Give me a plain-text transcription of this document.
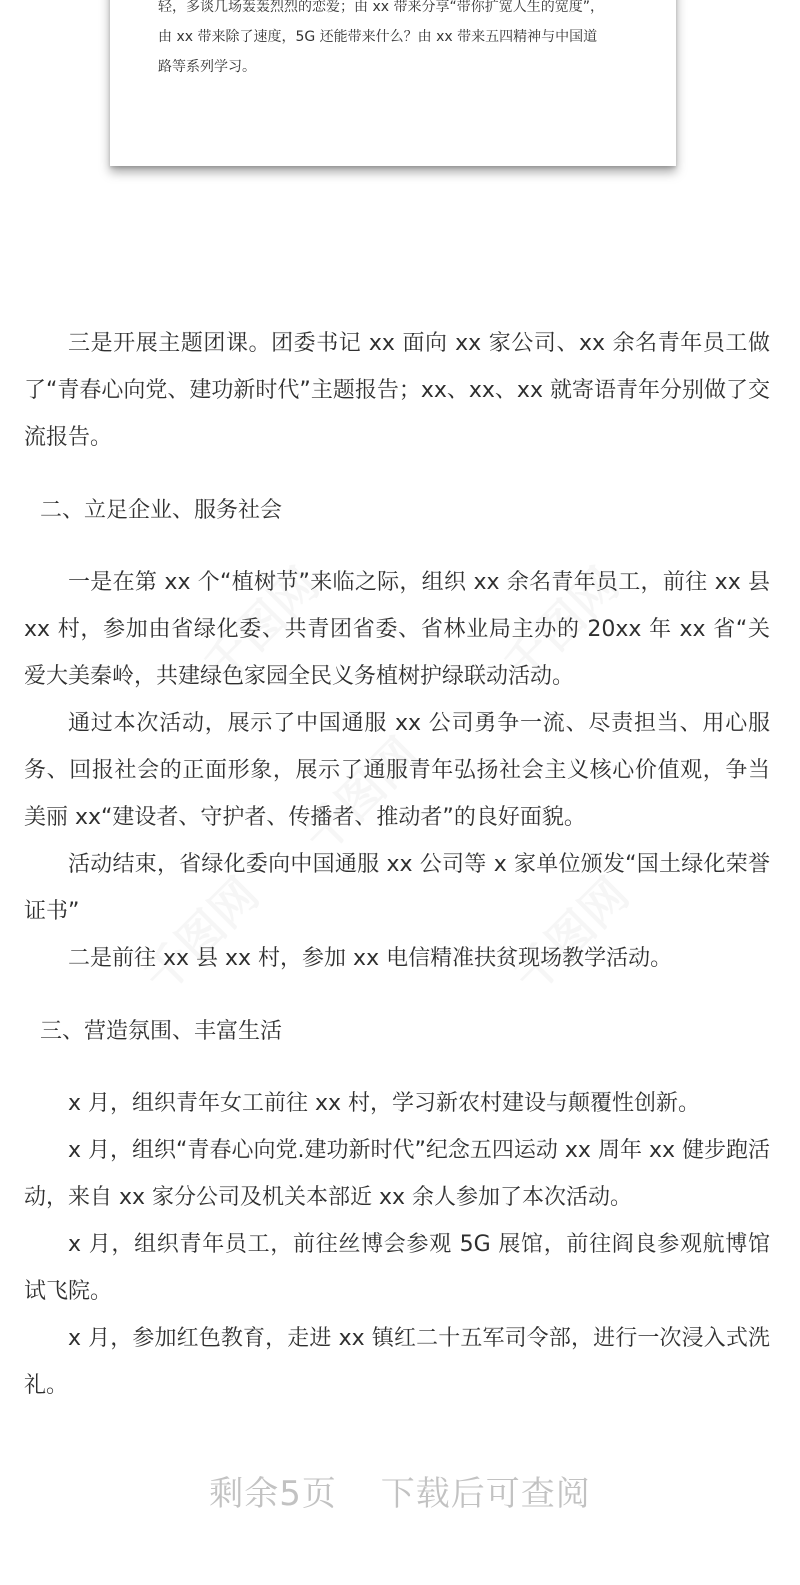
轻，多谈几场轰轰烈烈的恋爱；由 xx 带来分享“带你扩宽人生的宽度”，

由 xx 带来除了速度，5G 还能带来什么？由 xx 带来五四精神与中国道

路等系列学习。

三是开展主题团课。团委书记 xx 面向 xx 家公司、xx 余名青年员工做了“青春心向党、建功新时代”主题报告；xx、xx、xx 就寄语青年分别做了交流报告。

二、立足企业、服务社会

一是在第 xx 个“植树节”来临之际，组织 xx 余名青年员工，前往 xx 县 xx 村，参加由省绿化委、共青团省委、省林业局主办的 20xx 年 xx 省“关爱大美秦岭，共建绿色家园全民义务植树护绿联动活动。

通过本次活动，展示了中国通服 xx 公司勇争一流、尽责担当、用心服务、回报社会的正面形象，展示了通服青年弘扬社会主义核心价值观，争当美丽 xx“建设者、守护者、传播者、推动者”的良好面貌。

活动结束，省绿化委向中国通服 xx 公司等 x 家单位颁发“国土绿化荣誉证书”

二是前往 xx 县 xx 村，参加 xx 电信精准扶贫现场教学活动。

三、营造氛围、丰富生活

x 月，组织青年女工前往 xx 村，学习新农村建设与颠覆性创新。

x 月，组织“青春心向党.建功新时代”纪念五四运动 xx 周年 xx 健步跑活动，来自 xx 家分公司及机关本部近 xx 余人参加了本次活动。

x 月，组织青年员工，前往丝博会参观 5G 展馆，前往阎良参观航博馆试飞院。

x 月，参加红色教育，走进 xx 镇红二十五军司令部，进行一次浸入式洗礼。

剩余5页 下载后可查阅
